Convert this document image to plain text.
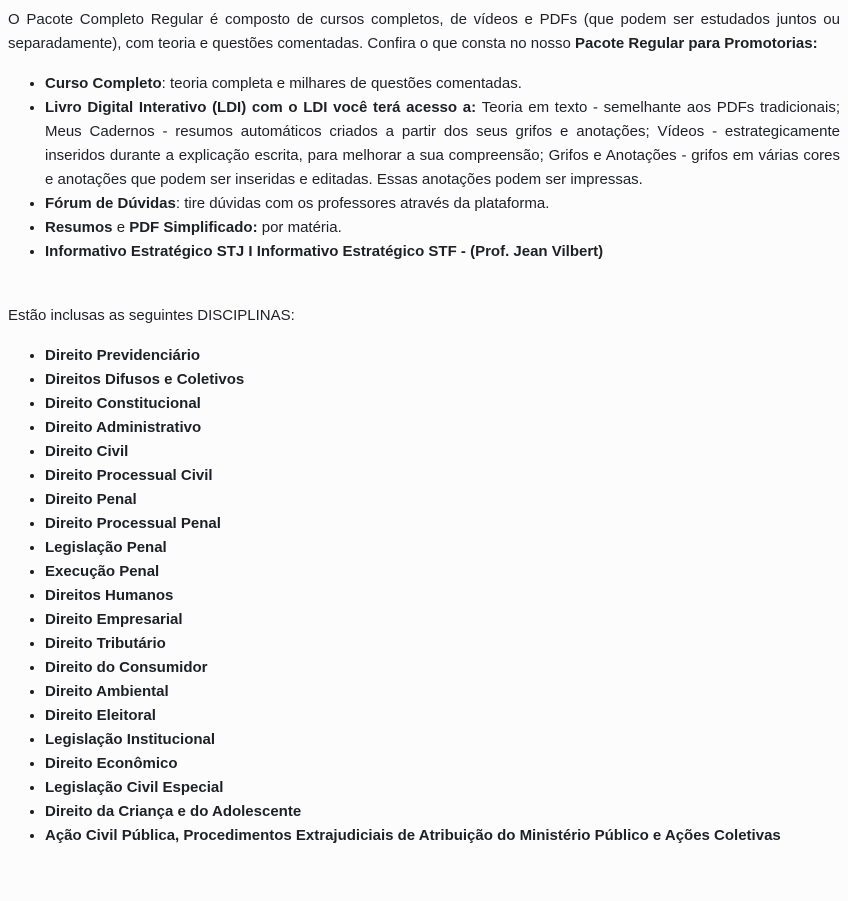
O Pacote Completo Regular é composto de cursos completos, de vídeos e PDFs (que podem ser estudados juntos ou separadamente), com teoria e questões comentadas. Confira o que consta no nosso Pacote Regular para Promotorias:

• Curso Completo: teoria completa e milhares de questões comentadas.
• Livro Digital Interativo (LDI) com o LDI você terá acesso a: Teoria em texto - semelhante aos PDFs tradicionais; Meus Cadernos - resumos automáticos criados a partir dos seus grifos e anotações; Vídeos - estrategicamente inseridos durante a explicação escrita, para melhorar a sua compreensão; Grifos e Anotações - grifos em várias cores e anotações que podem ser inseridas e editadas. Essas anotações podem ser impressas.
• Fórum de Dúvidas: tire dúvidas com os professores através da plataforma.
• Resumos e PDF Simplificado: por matéria.
• Informativo Estratégico STJ I Informativo Estratégico STF - (Prof. Jean Vilbert)

Estão inclusas as seguintes DISCIPLINAS:

• Direito Previdenciário
• Direitos Difusos e Coletivos
• Direito Constitucional
• Direito Administrativo
• Direito Civil
• Direito Processual Civil
• Direito Penal
• Direito Processual Penal
• Legislação Penal
• Execução Penal
• Direitos Humanos
• Direito Empresarial
• Direito Tributário
• Direito do Consumidor
• Direito Ambiental
• Direito Eleitoral
• Legislação Institucional
• Direito Econômico
• Legislação Civil Especial
• Direito da Criança e do Adolescente
• Ação Civil Pública, Procedimentos Extrajudiciais de Atribuição do Ministério Público e Ações Coletivas
